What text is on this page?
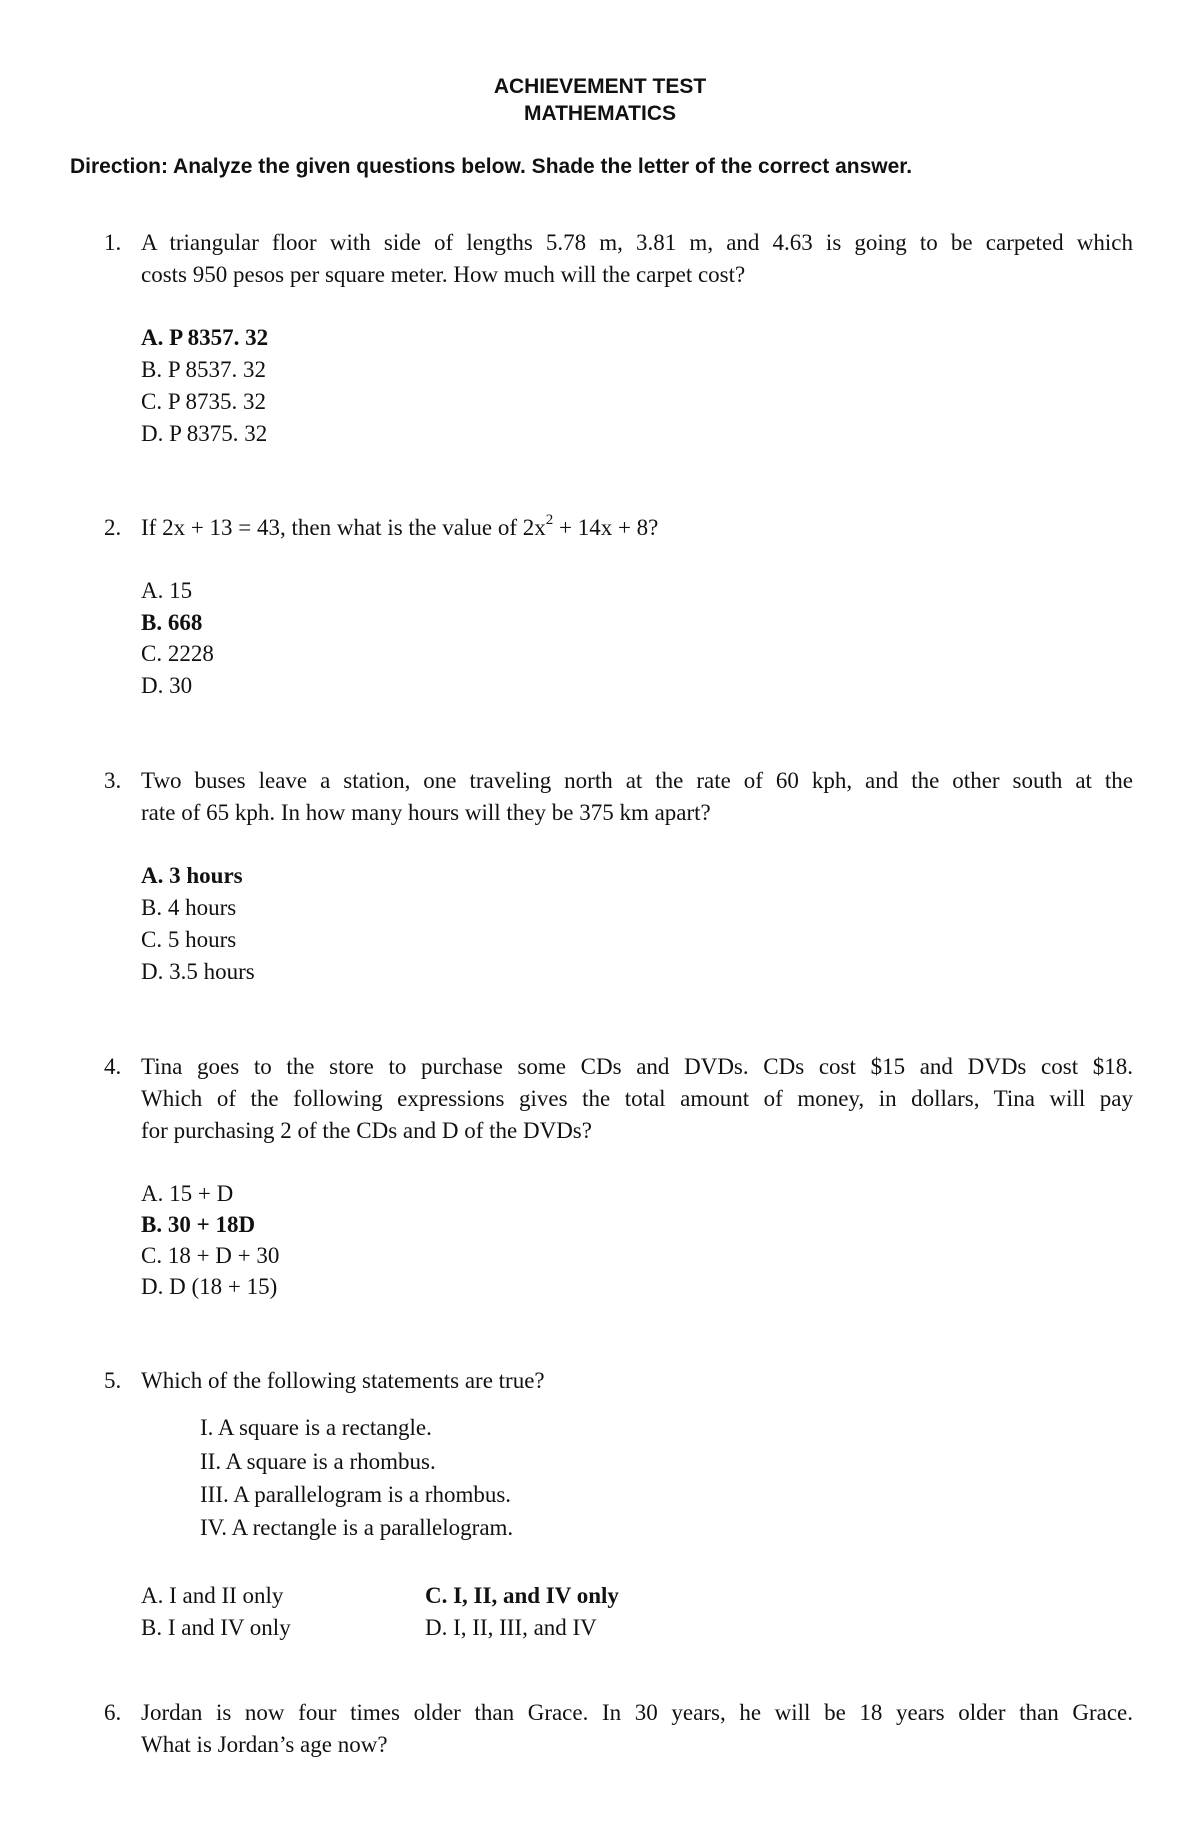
ACHIEVEMENT TEST
MATHEMATICS
Direction: Analyze the given questions below. Shade the letter of the correct answer.
1. A triangular floor with side of lengths 5.78 m, 3.81 m, and 4.63 is going to be carpeted which
costs 950 pesos per square meter. How much will the carpet cost?
A. P 8357. 32
B. P 8537. 32
C. P 8735. 32
D. P 8375. 32
2. If 2x + 13 = 43, then what is the value of $2x^2 + 14x + 8$?
A. 15
B. 668
C. 2228
D. 30
3. Two buses leave a station, one traveling north at the rate of 60 kph, and the other south at the
rate of 65 kph. In how many hours will they be 375 km apart?
A. 3 hours
B. 4 hours
C. 5 hours
D. 3.5 hours
4. Tina goes to the store to purchase some CDs and DVDs. CDs cost $15 and DVDs cost $18.
Which of the following expressions gives the total amount of money, in dollars, Tina will pay
for purchasing 2 of the CDs and D of the DVDs?
A. 15 + D
B. 30 + 18D
C. 18 + D + 30
D. D (18 + 15)
5. Which of the following statements are true?
I. A square is a rectangle.
II. A square is a rhombus.
III. A parallelogram is a rhombus.
IV. A rectangle is a parallelogram.
A. I and II only	C. I, II, and IV only
B. I and IV only	D. I, II, III, and IV
6. Jordan is now four times older than Grace. In 30 years, he will be 18 years older than Grace.
What is Jordan’s age now?
